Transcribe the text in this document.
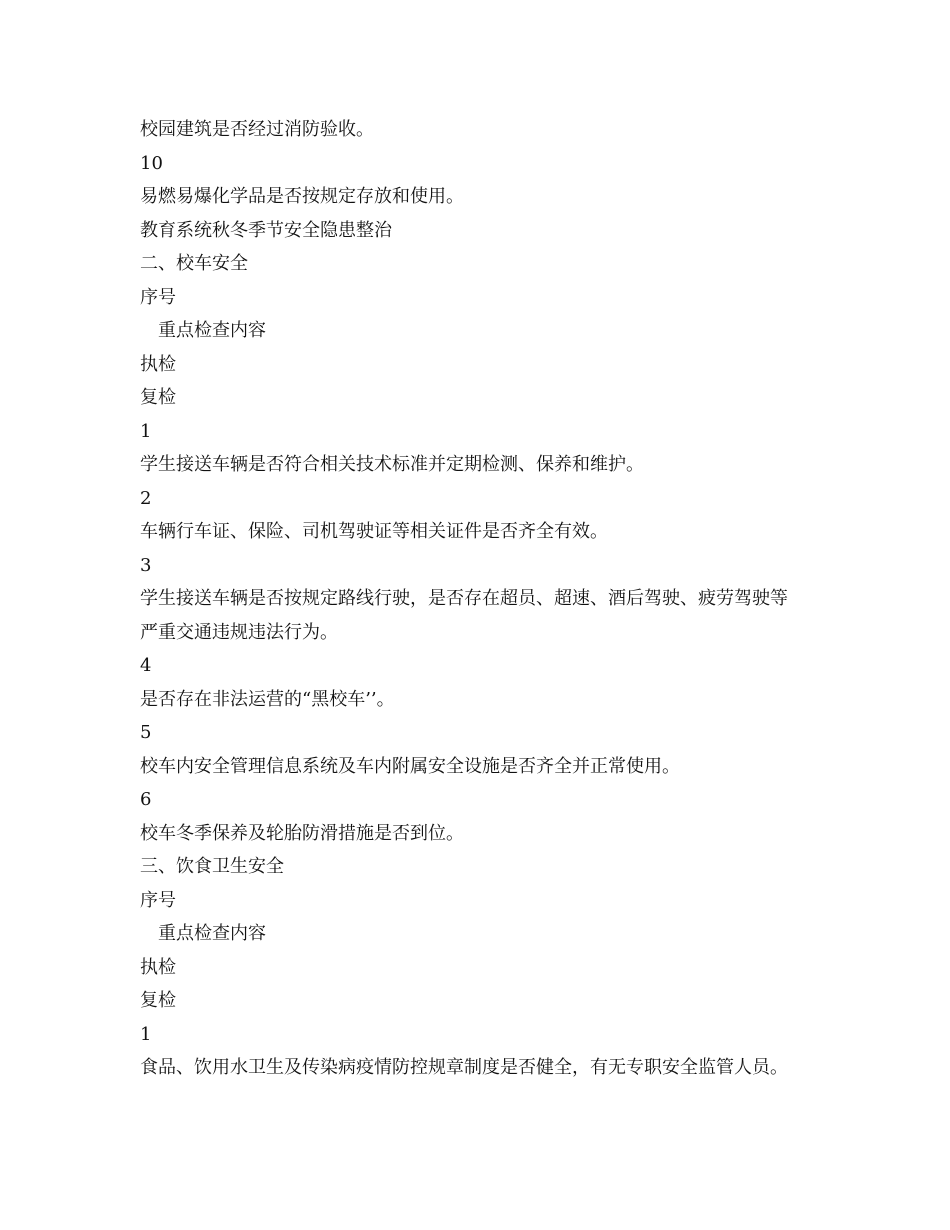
校园建筑是否经过消防验收。
10
易燃易爆化学品是否按规定存放和使用。
教育系统秋冬季节安全隐患整治
二、校车安全
序号
重点检查内容
执检
复检
1
学生接送车辆是否符合相关技术标准并定期检测、保养和维护。
2
车辆行车证、保险、司机驾驶证等相关证件是否齐全有效。
3
学生接送车辆是否按规定路线行驶，是否存在超员、超速、酒后驾驶、疲劳驾驶等
严重交通违规违法行为。
4
是否存在非法运营的“黑校车’’。
5
校车内安全管理信息系统及车内附属安全设施是否齐全并正常使用。
6
校车冬季保养及轮胎防滑措施是否到位。
三、饮食卫生安全
序号
重点检查内容
执检
复检
1
食品、饮用水卫生及传染病疫情防控规章制度是否健全，有无专职安全监管人员。
